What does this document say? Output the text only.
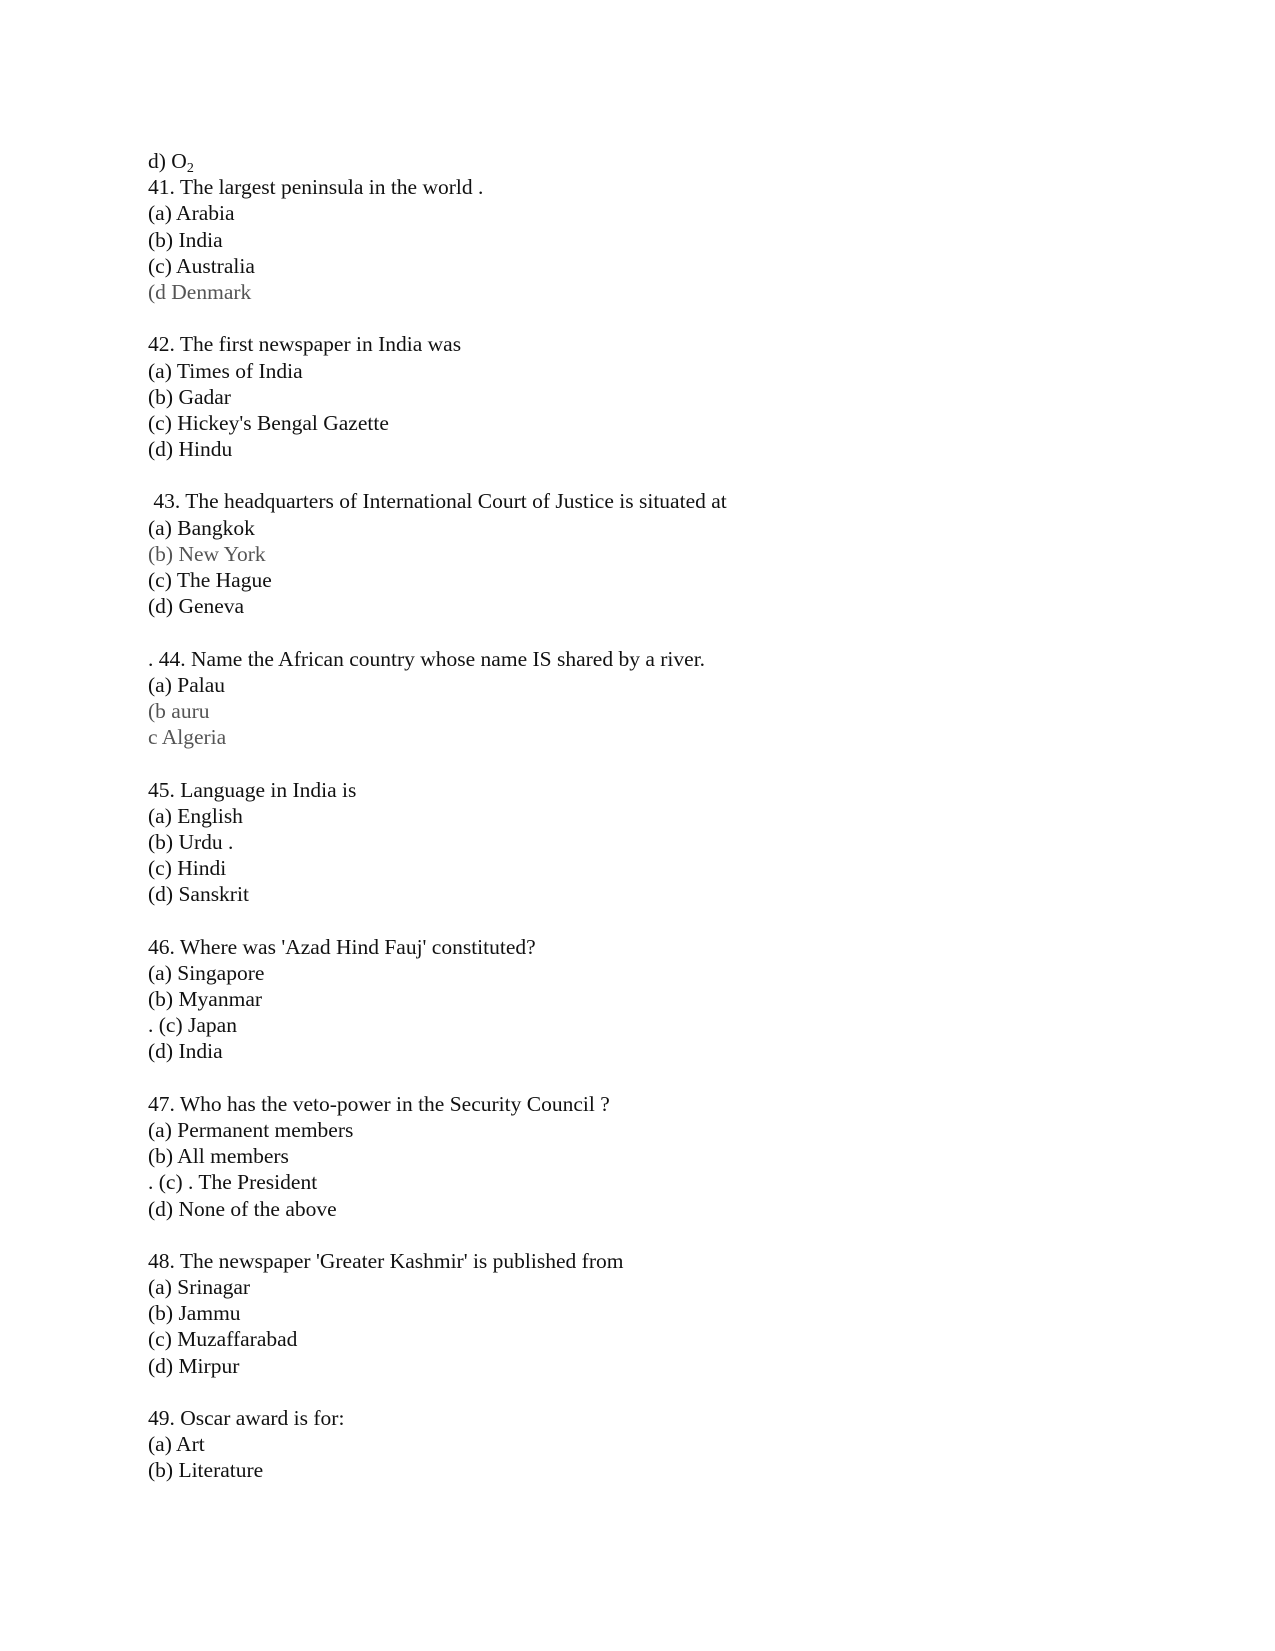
d) $O_2$
41. The largest peninsula in the world .
(a) Arabia
(b) India
(c) Australia
(d Denmark
42. The first newspaper in India was
(a) Times of India
(b) Gadar
(c) Hickey's Bengal Gazette
(d) Hindu
43. The headquarters of International Court of Justice is situated at
(a) Bangkok
(b) New York
(c) The Hague
(d) Geneva
. 44. Name the African country whose name IS shared by a river.
(a) Palau
(b auru
c Algeria
45. Language in India is
(a) English
(b) Urdu .
(c) Hindi
(d) Sanskrit
46. Where was 'Azad Hind Fauj' constituted?
(a) Singapore
(b) Myanmar
. (c) Japan
(d) India
47. Who has the veto-power in the Security Council ?
(a) Permanent members
(b) All members
. (c) . The President
(d) None of the above
48. The newspaper 'Greater Kashmir' is published from
(a) Srinagar
(b) Jammu
(c) Muzaffarabad
(d) Mirpur
49. Oscar award is for:
(a) Art
(b) Literature
